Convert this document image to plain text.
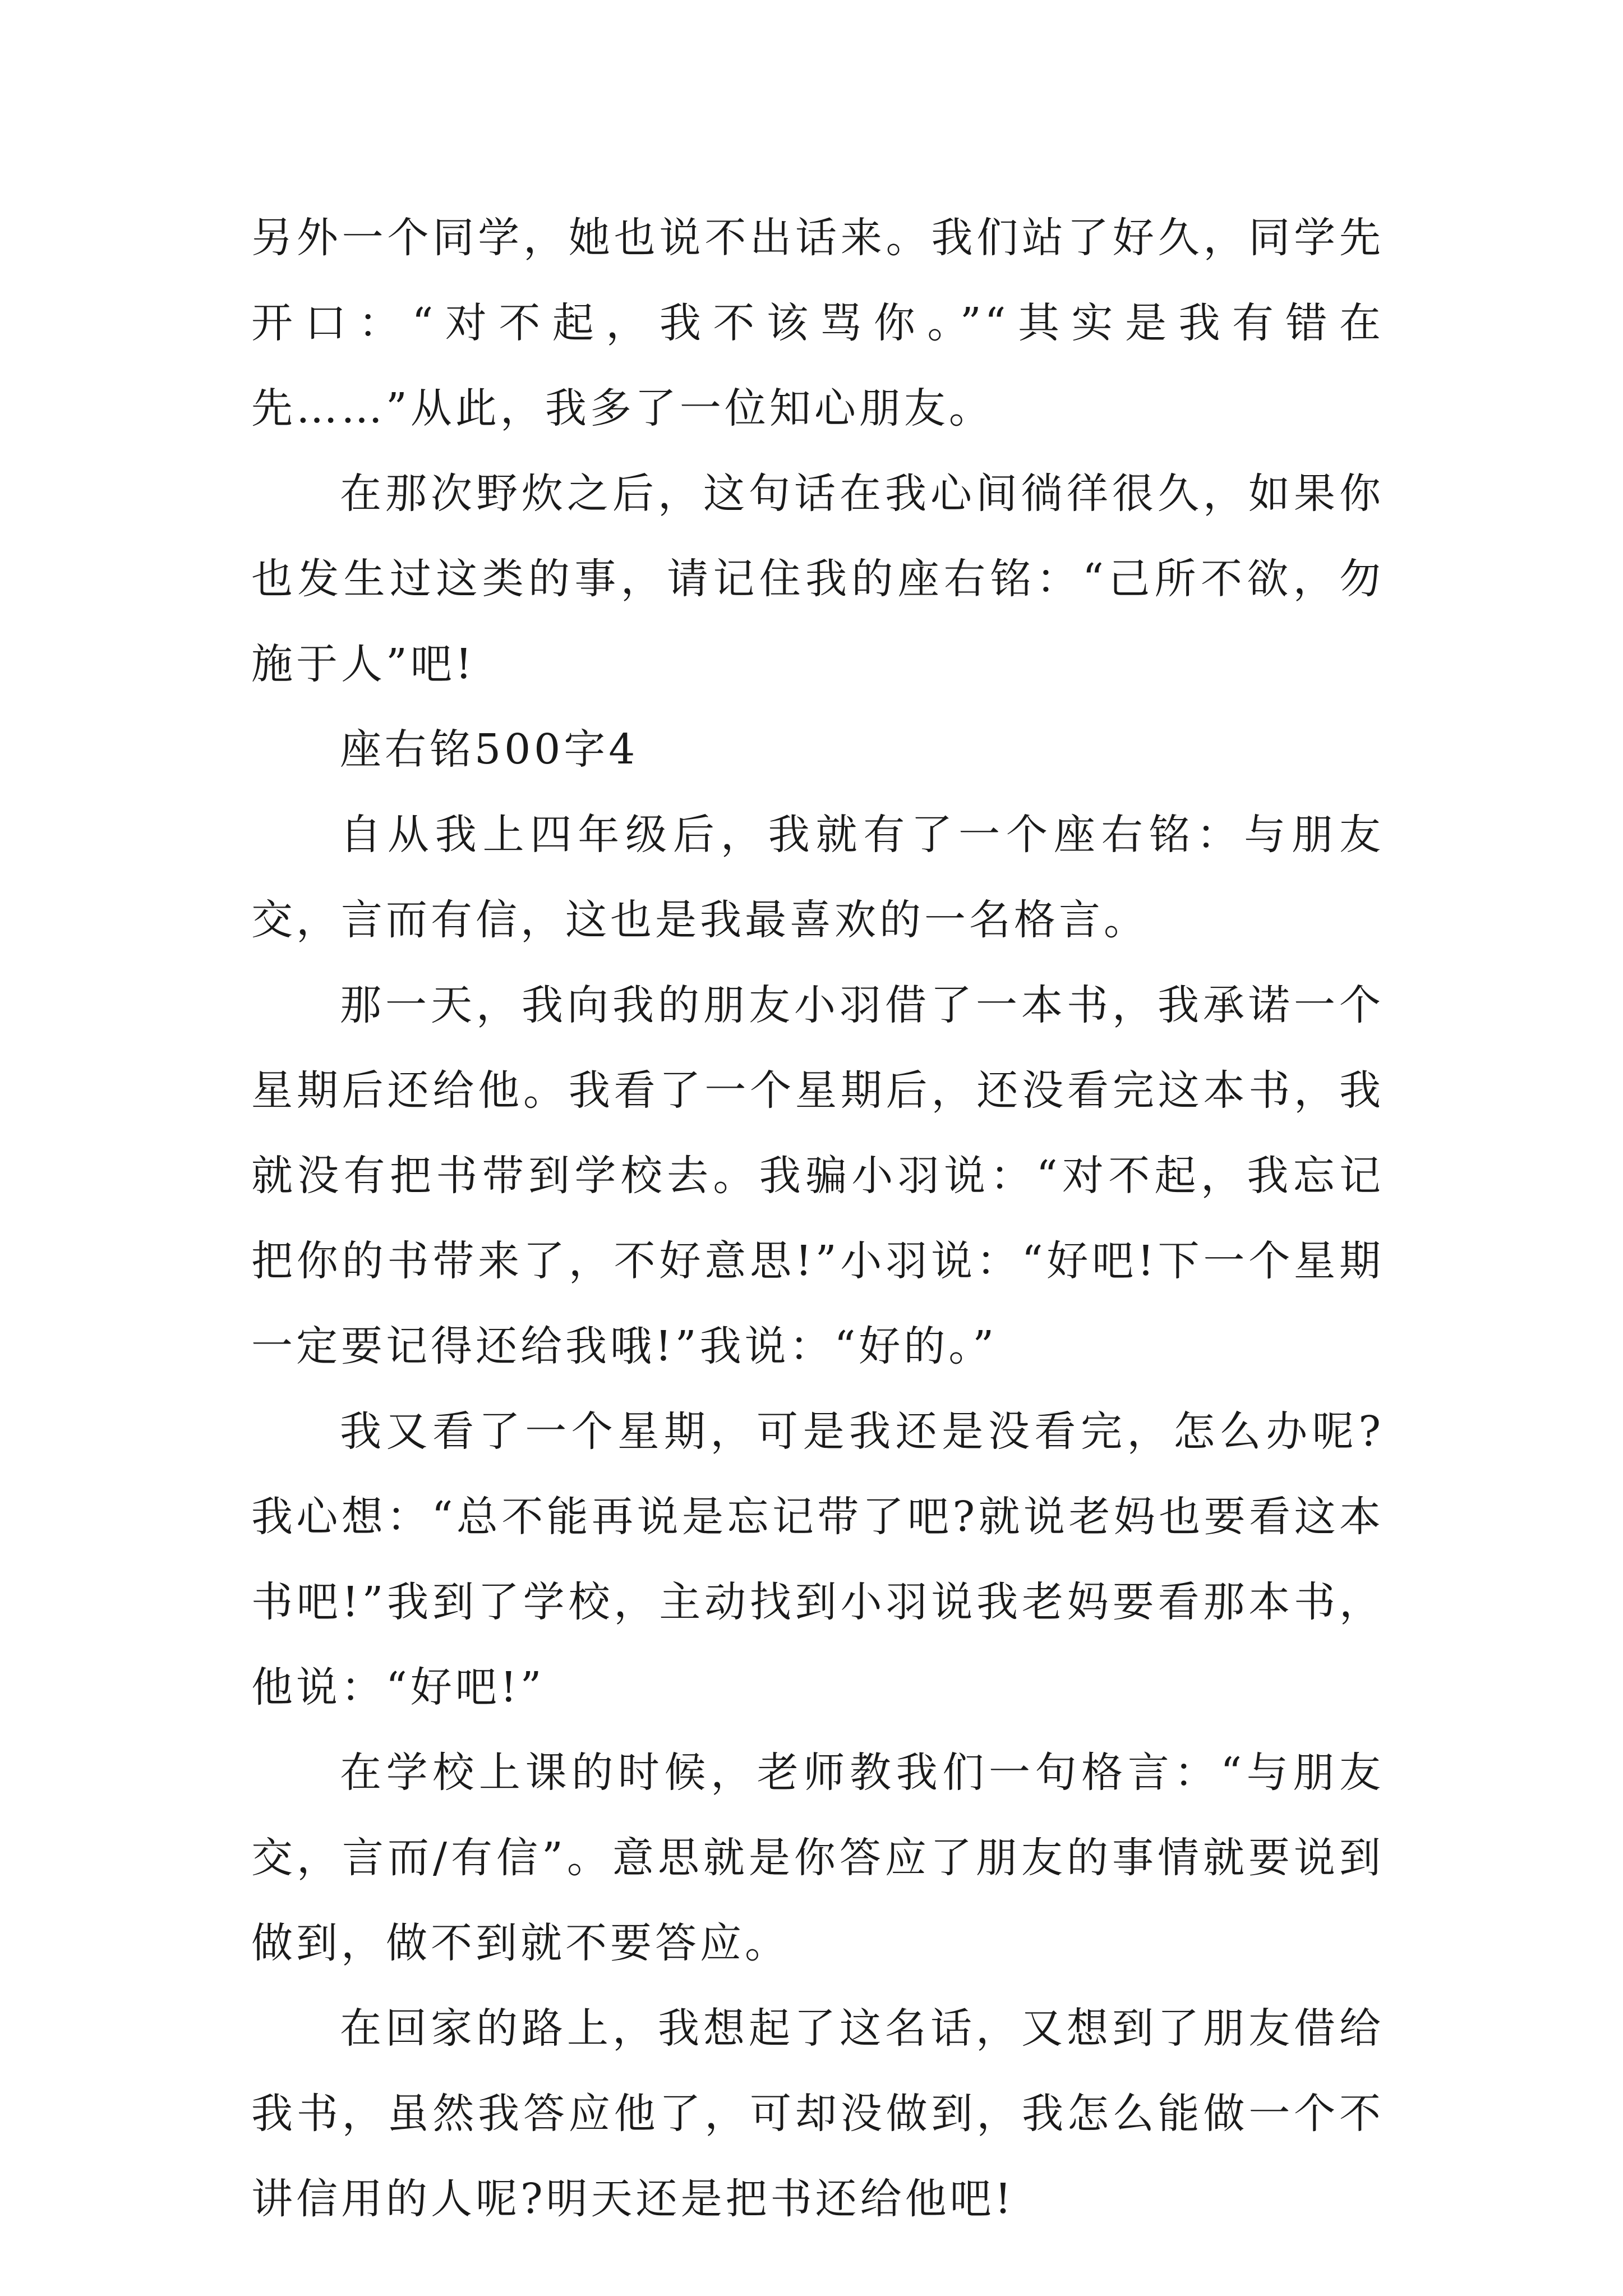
另外一个同学，她也说不出话来。我们站了好久，同学先开口：“对不起，我不该骂你。”“其实是我有错在先……”从此，我多了一位知心朋友。

在那次野炊之后，这句话在我心间徜徉很久，如果你也发生过这类的事，请记住我的座右铭：“己所不欲，勿施于人”吧!

座右铭500字4

自从我上四年级后，我就有了一个座右铭：与朋友交，言而有信，这也是我最喜欢的一名格言。

那一天，我向我的朋友小羽借了一本书，我承诺一个星期后还给他。我看了一个星期后，还没看完这本书，我就没有把书带到学校去。我骗小羽说：“对不起，我忘记把你的书带来了，不好意思!”小羽说：“好吧!下一个星期一定要记得还给我哦!”我说：“好的。”

我又看了一个星期，可是我还是没看完，怎么办呢?我心想：“总不能再说是忘记带了吧?就说老妈也要看这本书吧!”我到了学校，主动找到小羽说我老妈要看那本书，他说：“好吧!”

在学校上课的时候，老师教我们一句格言：“与朋友交，言而/有信”。意思就是你答应了朋友的事情就要说到做到，做不到就不要答应。

在回家的路上，我想起了这名话，又想到了朋友借给我书，虽然我答应他了，可却没做到，我怎么能做一个不讲信用的人呢?明天还是把书还给他吧!
